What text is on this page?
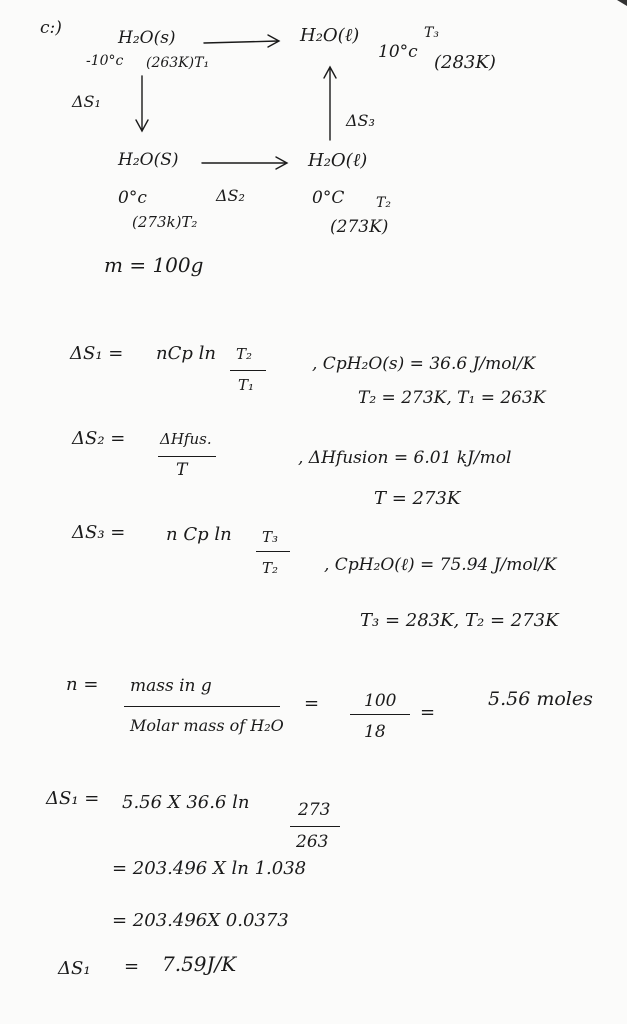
c:)	H₂O(s)
-10°c (263K)T₁
H₂O(ℓ)
10°c
T₃
(283K)
ΔS₁
ΔS₃
H₂O(S)
0°c	ΔS₂
(273k)T₂
H₂O(ℓ)
0°C T₂
(273K)
m = 100g
ΔS₁ = nCp ln T₂
T₁
, CpH₂O(s) = 36.6 J/mol/K
T₂ = 273K, T₁ = 263K
ΔS₂ = ΔHfus.
T
, ΔHfusion = 6.01 kJ/mol
T = 273K
ΔS₃ = n Cp ln T₃
T₂	, CpH₂O(ℓ) = 75.94 J/mol/K
T₃ = 283K, T₂ = 273K
n = mass in g
Molar mass of H₂O
=	100
18
=
5.56 moles
ΔS₁ = 5.56 X 36.6 ln	273
263
= 203.496 X ln 1.038
= 203.496X 0.0373
ΔS₁ = 7.59J/K
